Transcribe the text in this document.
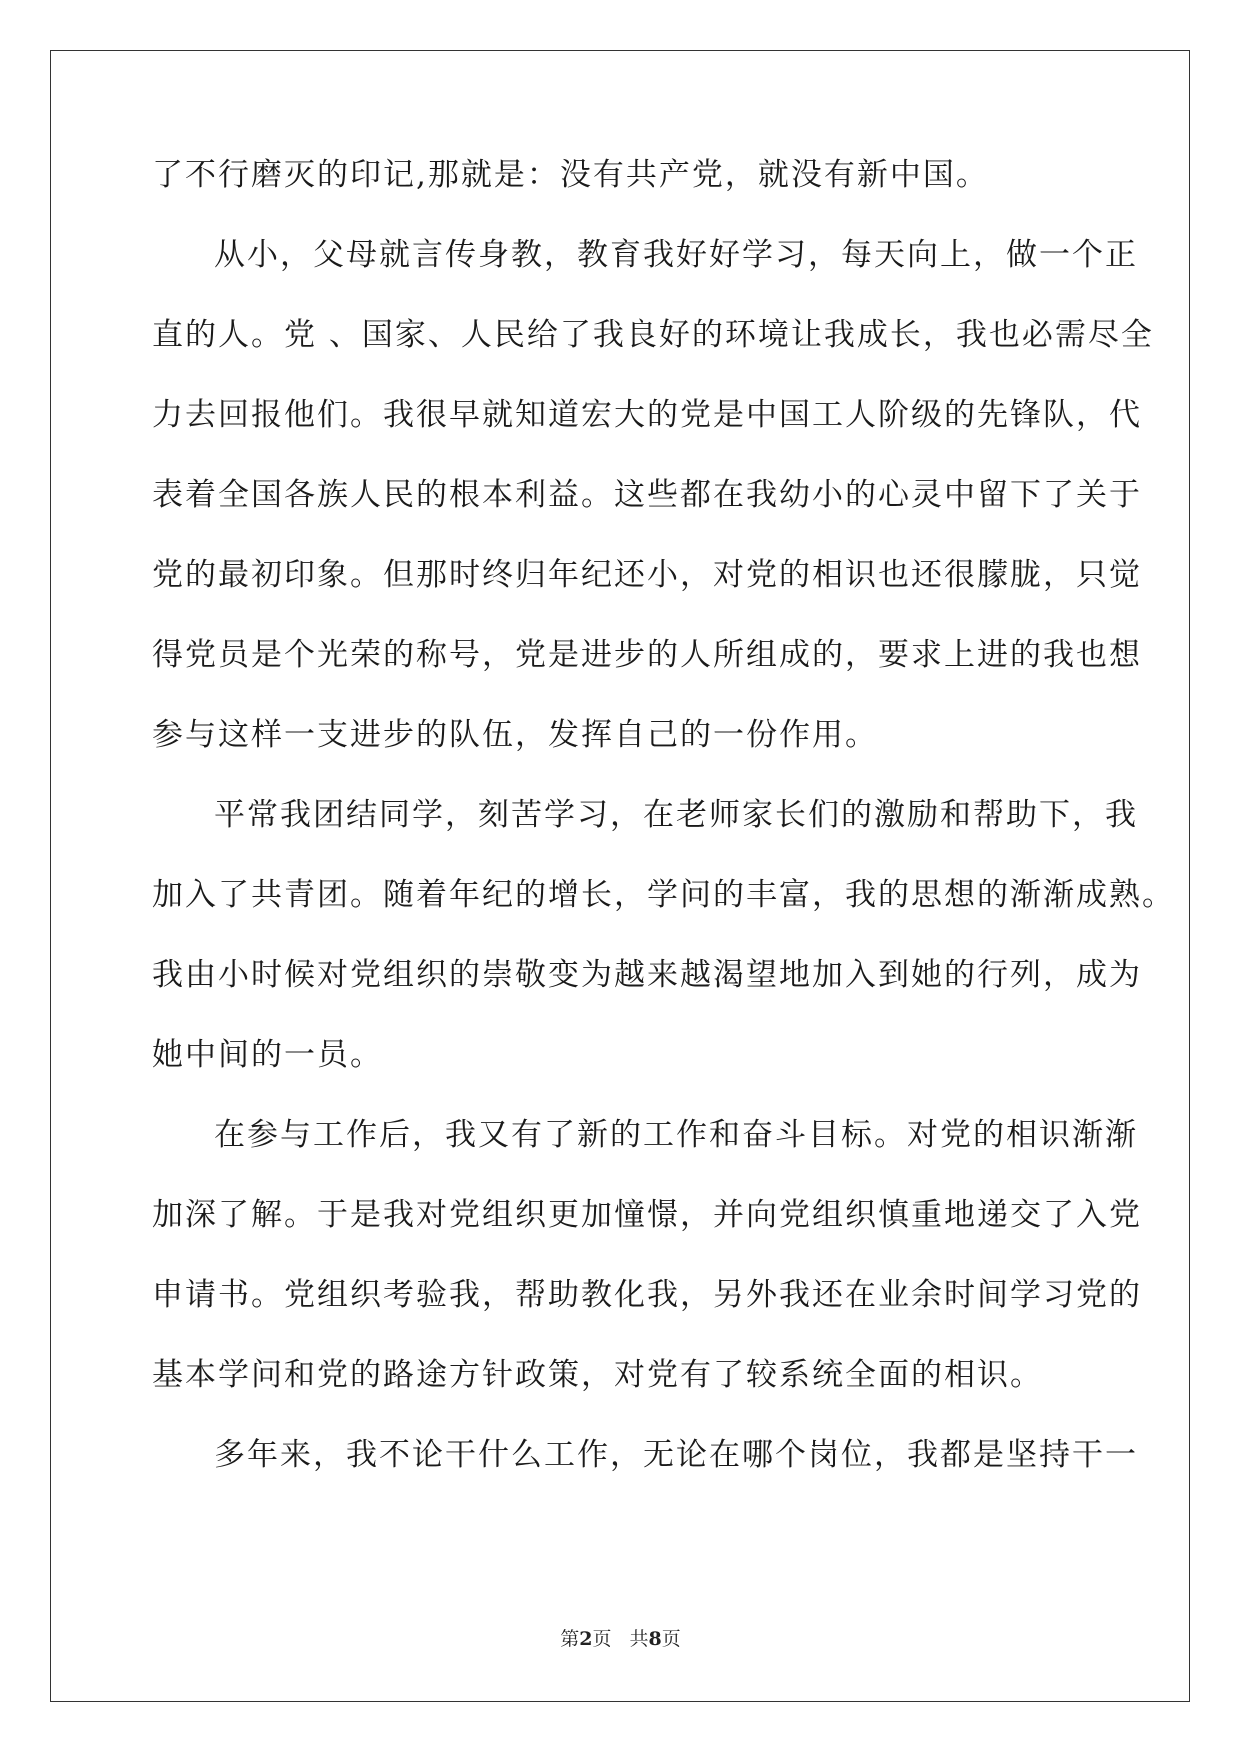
了不行磨灭的印记,那就是：没有共产党，就没有新中国。
从小，父母就言传身教，教育我好好学习，每天向上，做一个正
直的人。党 、国家、人民给了我良好的环境让我成长，我也必需尽全
力去回报他们。我很早就知道宏大的党是中国工人阶级的先锋队，代
表着全国各族人民的根本利益。这些都在我幼小的心灵中留下了关于
党的最初印象。但那时终归年纪还小，对党的相识也还很朦胧，只觉
得党员是个光荣的称号，党是进步的人所组成的，要求上进的我也想
参与这样一支进步的队伍，发挥自己的一份作用。
平常我团结同学，刻苦学习，在老师家长们的激励和帮助下，我
加入了共青团。随着年纪的增长，学问的丰富，我的思想的渐渐成熟。
我由小时候对党组织的崇敬变为越来越渴望地加入到她的行列，成为
她中间的一员。
在参与工作后，我又有了新的工作和奋斗目标。对党的相识渐渐
加深了解。于是我对党组织更加憧憬，并向党组织慎重地递交了入党
申请书。党组织考验我，帮助教化我，另外我还在业余时间学习党的
基本学问和党的路途方针政策，对党有了较系统全面的相识。
多年来，我不论干什么工作，无论在哪个岗位，我都是坚持干一
第2页 共8页
